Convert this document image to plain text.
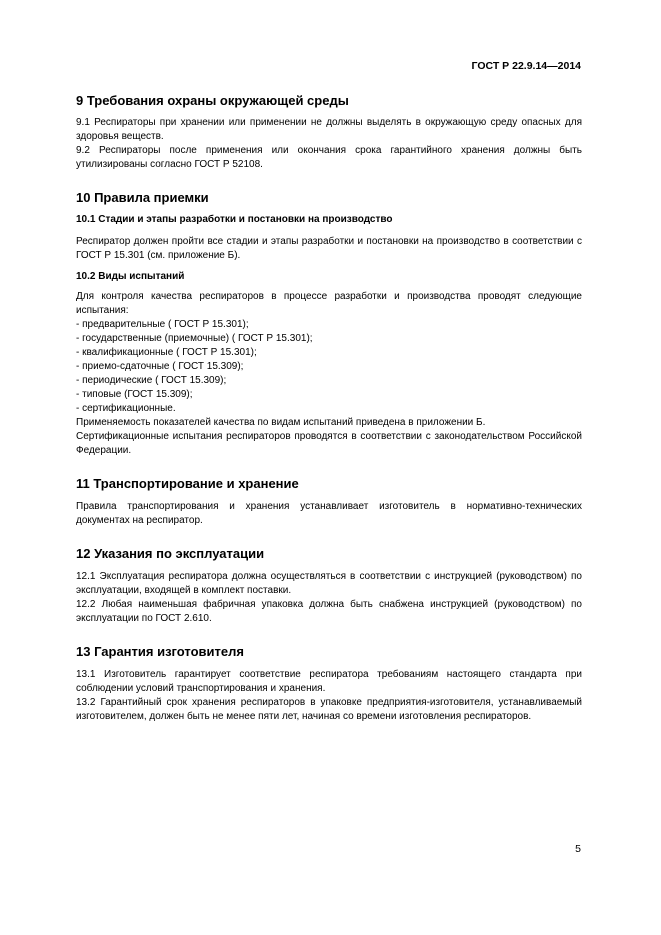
ГОСТ Р 22.9.14—2014
9 Требования охраны окружающей среды

9.1 Респираторы при хранении или применении не должны выделять в окружающую среду опасных для здоровья веществ.

9.2 Респираторы после применения или окончания срока гарантийного хранения должны быть утилизированы согласно ГОСТ Р 52108.

10 Правила приемки
10.1 Стадии и этапы разработки и постановки на производство

Респиратор должен пройти все стадии и этапы разработки и постановки на производство в соответствии с ГОСТ Р 15.301 (см. приложение Б).

10.2 Виды испытаний

Для контроля качества респираторов в процессе разработки и производства проводят следующие испытания:

- предварительные ( ГОСТ Р 15.301);
- государственные (приемочные) ( ГОСТ Р 15.301);
- квалификационные ( ГОСТ Р 15.301);
- приемо-сдаточные ( ГОСТ 15.309);
- периодические ( ГОСТ 15.309);
- типовые (ГОСТ 15.309);
- сертификационные.

Применяемость показателей качества по видам испытаний приведена в приложении Б.

Сертификационные испытания респираторов проводятся в соответствии с законодательством Российской Федерации.

11 Транспортирование и хранение

Правила транспортирования и хранения устанавливает изготовитель в нормативно-технических документах на респиратор.

12 Указания по эксплуатации

12.1 Эксплуатация респиратора должна осуществляться в соответствии с инструкцией (руководством) по эксплуатации, входящей в комплект поставки.

12.2 Любая наименьшая фабричная упаковка должна быть снабжена инструкцией (руководством) по эксплуатации по ГОСТ 2.610.

13 Гарантия изготовителя

13.1 Изготовитель гарантирует соответствие респиратора требованиям настоящего стандарта при соблюдении условий транспортирования и хранения.

13.2 Гарантийный срок хранения респираторов в упаковке предприятия-изготовителя, устанавливаемый изготовителем, должен быть не менее пяти лет, начиная со времени изготовления респираторов.

5
